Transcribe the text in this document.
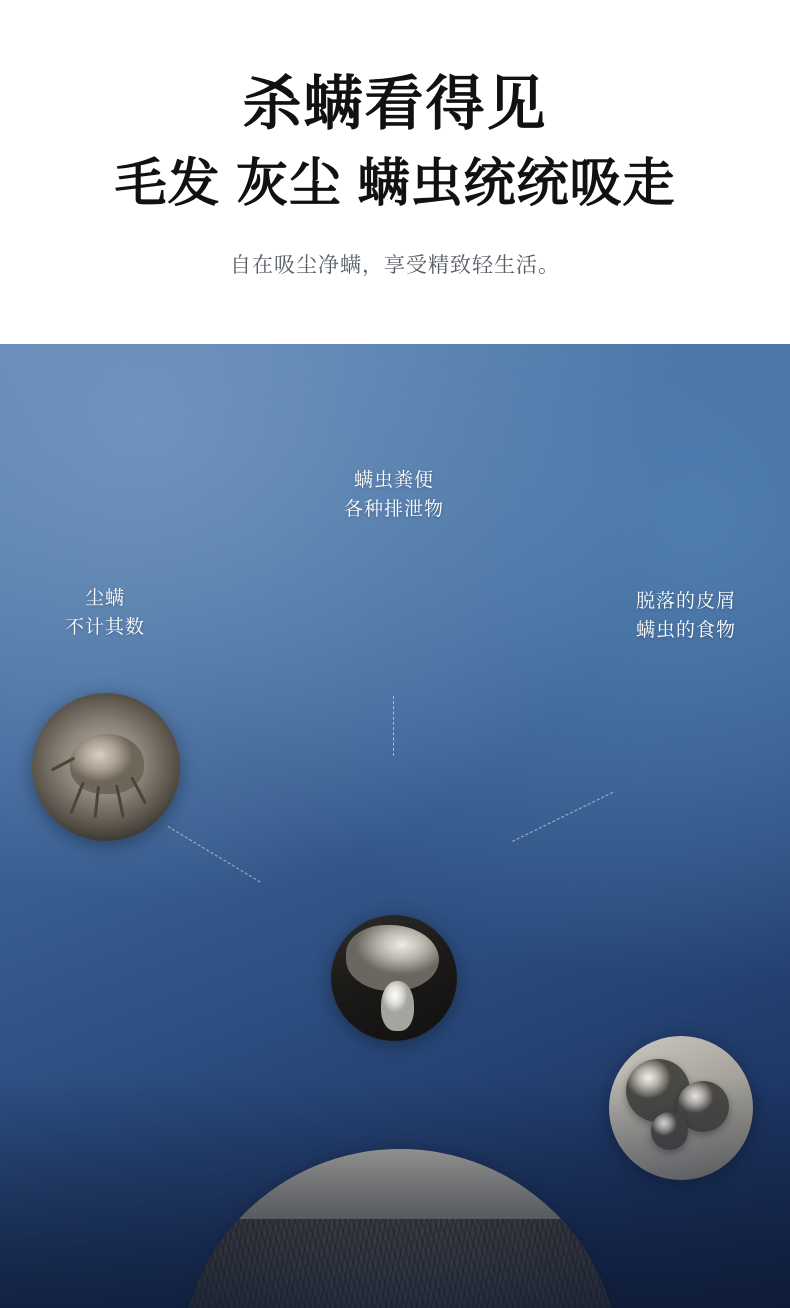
杀螨看得见
毛发 灰尘 螨虫统统吸走

自在吸尘净螨，享受精致轻生活。

尘螨
不计其数
螨虫粪便
各种排泄物
脱落的皮屑
螨虫的食物
